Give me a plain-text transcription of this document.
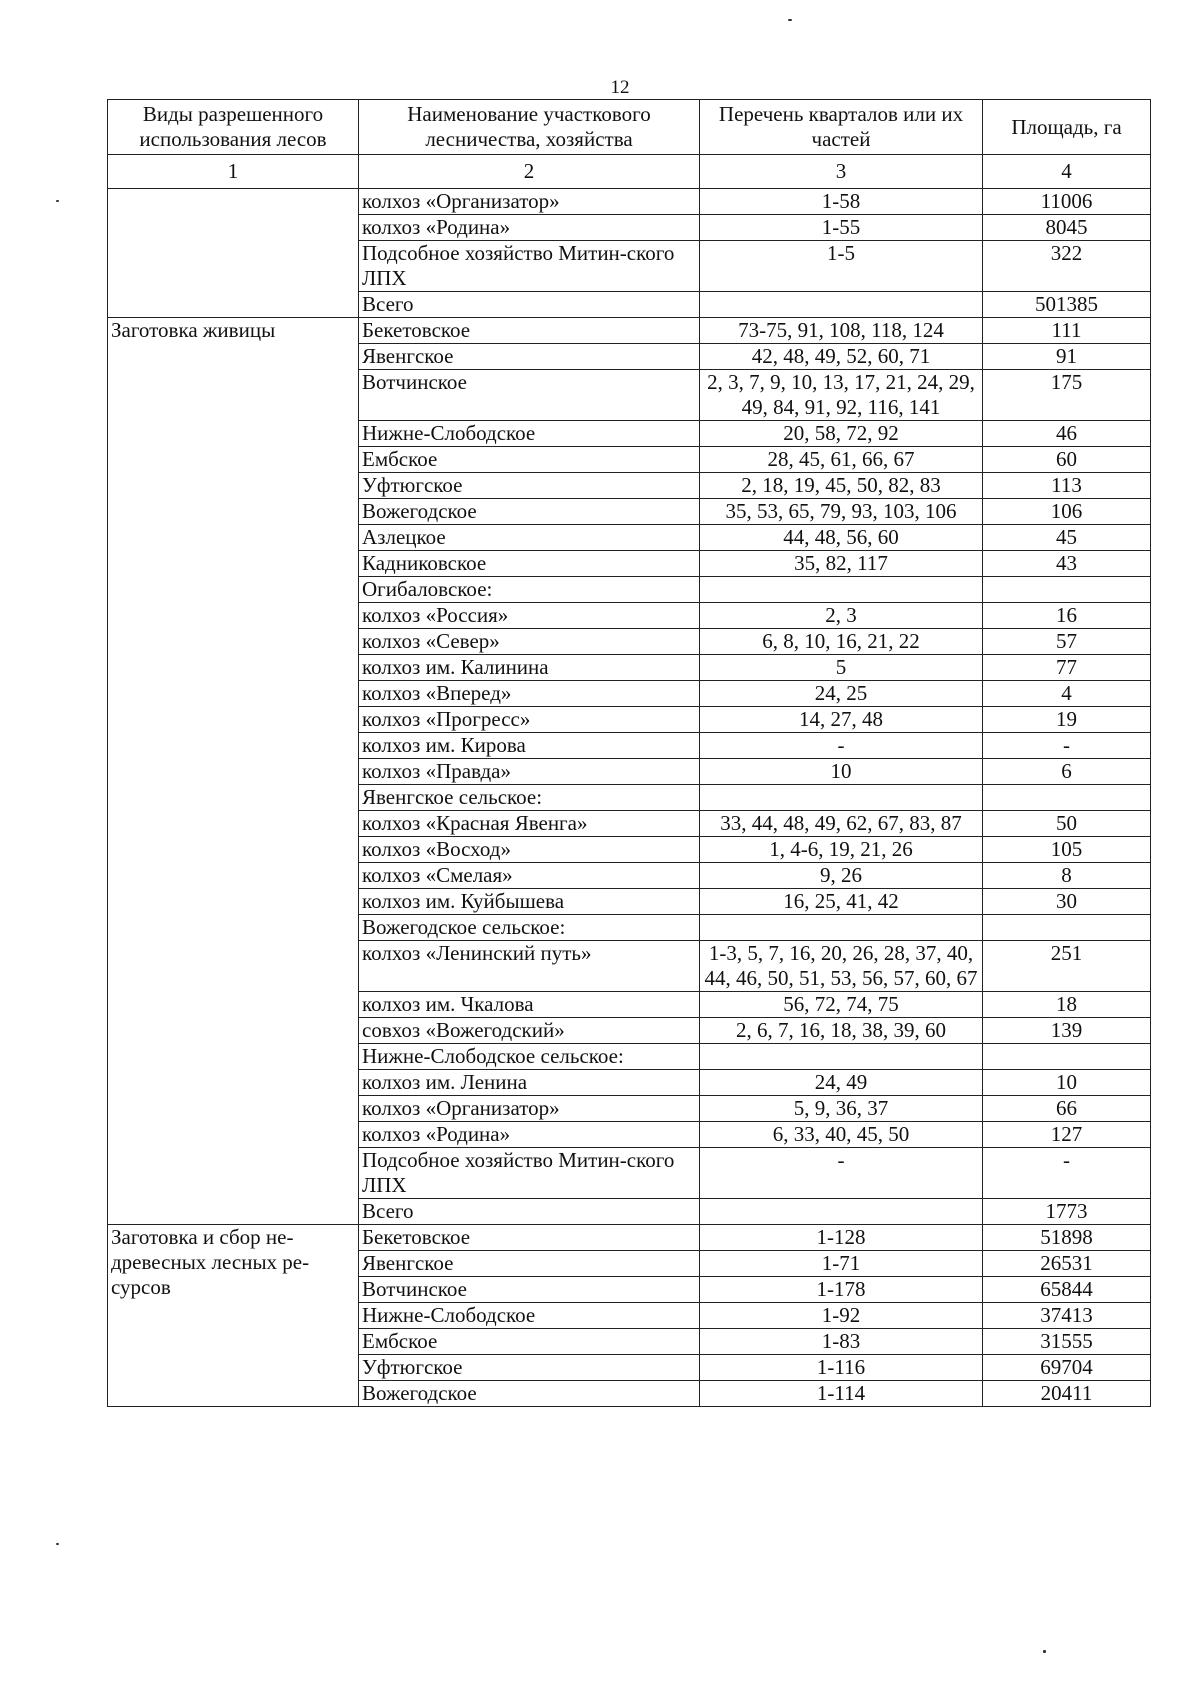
12
Виды разрешенного использования лесов	Наименование участкового лесничества, хозяйства	Перечень кварталов или их частей	Площадь, га
1	2	3	4
	колхоз «Организатор»	1-58	11006
	колхоз «Родина»	1-55	8045
	Подсобное хозяйство Митин-ского ЛПХ	1-5	322
	Всего		501385
Заготовка живицы	Бекетовское	73-75, 91, 108, 118, 124	111
	Явенгское	42, 48, 49, 52, 60, 71	91
	Вотчинское	2, 3, 7, 9, 10, 13, 17, 21, 24, 29, 49, 84, 91, 92, 116, 141	175
	Нижне-Слободское	20, 58, 72, 92	46
	Ембское	28, 45, 61, 66, 67	60
	Уфтюгское	2, 18, 19, 45, 50, 82, 83	113
	Вожегодское	35, 53, 65, 79, 93, 103, 106	106
	Азлецкое	44, 48, 56, 60	45
	Кадниковское	35, 82, 117	43
	Огибаловское:		
	колхоз «Россия»	2, 3	16
	колхоз «Север»	6, 8, 10, 16, 21, 22	57
	колхоз им. Калинина	5	77
	колхоз «Вперед»	24, 25	4
	колхоз «Прогресс»	14, 27, 48	19
	колхоз им. Кирова	-	-
	колхоз «Правда»	10	6
	Явенгское сельское:		
	колхоз «Красная Явенга»	33, 44, 48, 49, 62, 67, 83, 87	50
	колхоз «Восход»	1, 4-6, 19, 21, 26	105
	колхоз «Смелая»	9, 26	8
	колхоз им. Куйбышева	16, 25, 41, 42	30
	Вожегодское сельское:		
	колхоз «Ленинский путь»	1-3, 5, 7, 16, 20, 26, 28, 37, 40, 44, 46, 50, 51, 53, 56, 57, 60, 67	251
	колхоз им. Чкалова	56, 72, 74, 75	18
	совхоз «Вожегодский»	2, 6, 7, 16, 18, 38, 39, 60	139
	Нижне-Слободское сельское:		
	колхоз им. Ленина	24, 49	10
	колхоз «Организатор»	5, 9, 36, 37	66
	колхоз «Родина»	6, 33, 40, 45, 50	127
	Подсобное хозяйство Митин-ского ЛПХ	-	-
	Всего		1773
Заготовка и сбор не-древесных лесных ре-сурсов	Бекетовское	1-128	51898
	Явенгское	1-71	26531
	Вотчинское	1-178	65844
	Нижне-Слободское	1-92	37413
	Ембское	1-83	31555
	Уфтюгское	1-116	69704
	Вожегодское	1-114	20411
